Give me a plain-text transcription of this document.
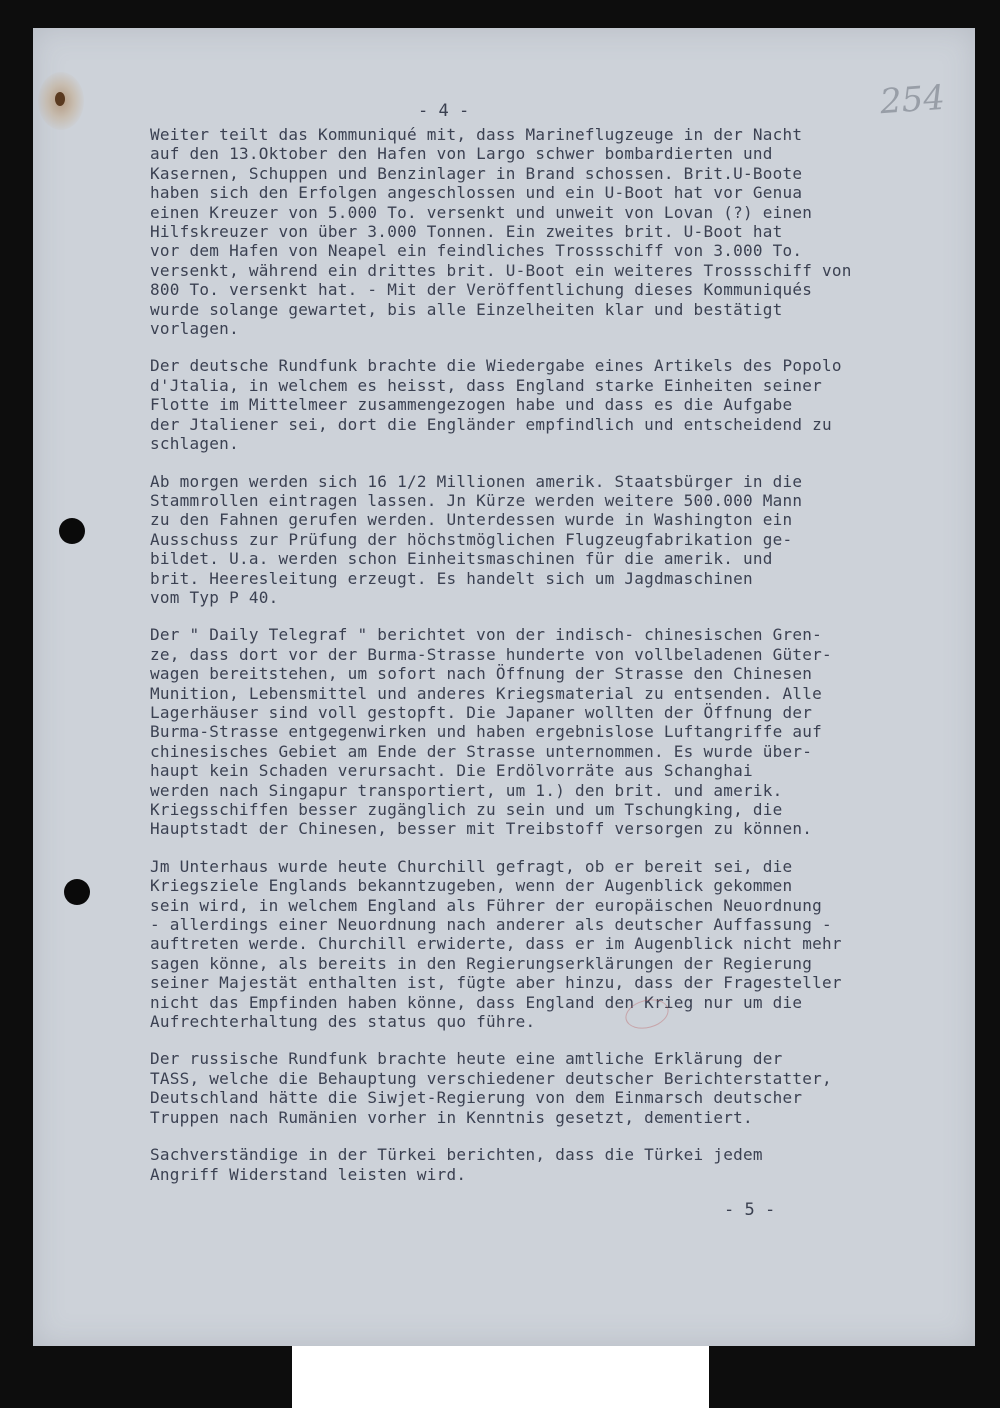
254
- 4 -
Weiter teilt das Kommuniqué mit, dass Marineflugzeuge in der Nacht
auf den 13.Oktober den Hafen von Largo schwer bombardierten und
Kasernen, Schuppen und Benzinlager in Brand schossen. Brit.U-Boote
haben sich den Erfolgen angeschlossen und ein U-Boot hat vor Genua
einen Kreuzer von 5.000 To. versenkt und unweit von Lovan (?) einen
Hilfskreuzer von über 3.000 Tonnen. Ein zweites brit. U-Boot hat
vor dem Hafen von Neapel ein feindliches Trossschiff von 3.000 To.
versenkt, während ein drittes brit. U-Boot ein weiteres Trossschiff von
800 To. versenkt hat. - Mit der Veröffentlichung dieses Kommuniqués
wurde solange gewartet, bis alle Einzelheiten klar und bestätigt
vorlagen.
Der deutsche Rundfunk brachte die Wiedergabe eines Artikels des Popolo
d'Jtalia, in welchem es heisst, dass England starke Einheiten seiner
Flotte im Mittelmeer zusammengezogen habe und dass es die Aufgabe
der Jtaliener sei, dort die Engländer empfindlich und entscheidend zu
schlagen.
Ab morgen werden sich 16 1/2 Millionen amerik. Staatsbürger in die
Stammrollen eintragen lassen. Jn Kürze werden weitere 500.000 Mann
zu den Fahnen gerufen werden. Unterdessen wurde in Washington ein
Ausschuss zur Prüfung der höchstmöglichen Flugzeugfabrikation ge-
bildet. U.a. werden schon Einheitsmaschinen für die amerik. und
brit. Heeresleitung erzeugt. Es handelt sich um Jagdmaschinen
vom Typ P 40.
Der " Daily Telegraf " berichtet von der indisch- chinesischen Gren-
ze, dass dort vor der Burma-Strasse hunderte von vollbeladenen Güter-
wagen bereitstehen, um sofort nach Öffnung der Strasse den Chinesen
Munition, Lebensmittel und anderes Kriegsmaterial zu entsenden. Alle
Lagerhäuser sind voll gestopft. Die Japaner wollten der Öffnung der
Burma-Strasse entgegenwirken und haben ergebnislose Luftangriffe auf
chinesisches Gebiet am Ende der Strasse unternommen. Es wurde über-
haupt kein Schaden verursacht. Die Erdölvorräte aus Schanghai
werden nach Singapur transportiert, um 1.) den brit. und amerik.
Kriegsschiffen besser zugänglich zu sein und um Tschungking, die
Hauptstadt der Chinesen, besser mit Treibstoff versorgen zu können.
Jm Unterhaus wurde heute Churchill gefragt, ob er bereit sei, die
Kriegsziele Englands bekanntzugeben, wenn der Augenblick gekommen
sein wird, in welchem England als Führer der europäischen Neuordnung
- allerdings einer Neuordnung nach anderer als deutscher Auffassung -
auftreten werde. Churchill erwiderte, dass er im Augenblick nicht mehr
sagen könne, als bereits in den Regierungserklärungen der Regierung
seiner Majestät enthalten ist, fügte aber hinzu, dass der Fragesteller
nicht das Empfinden haben könne, dass England den Krieg nur um die
Aufrechterhaltung des status quo führe.
Der russische Rundfunk brachte heute eine amtliche Erklärung der
TASS, welche die Behauptung verschiedener deutscher Berichterstatter,
Deutschland hätte die Siwjet-Regierung von dem Einmarsch deutscher
Truppen nach Rumänien vorher in Kenntnis gesetzt, dementiert.
Sachverständige in der Türkei berichten, dass die Türkei jedem
Angriff Widerstand leisten wird.
- 5 -
